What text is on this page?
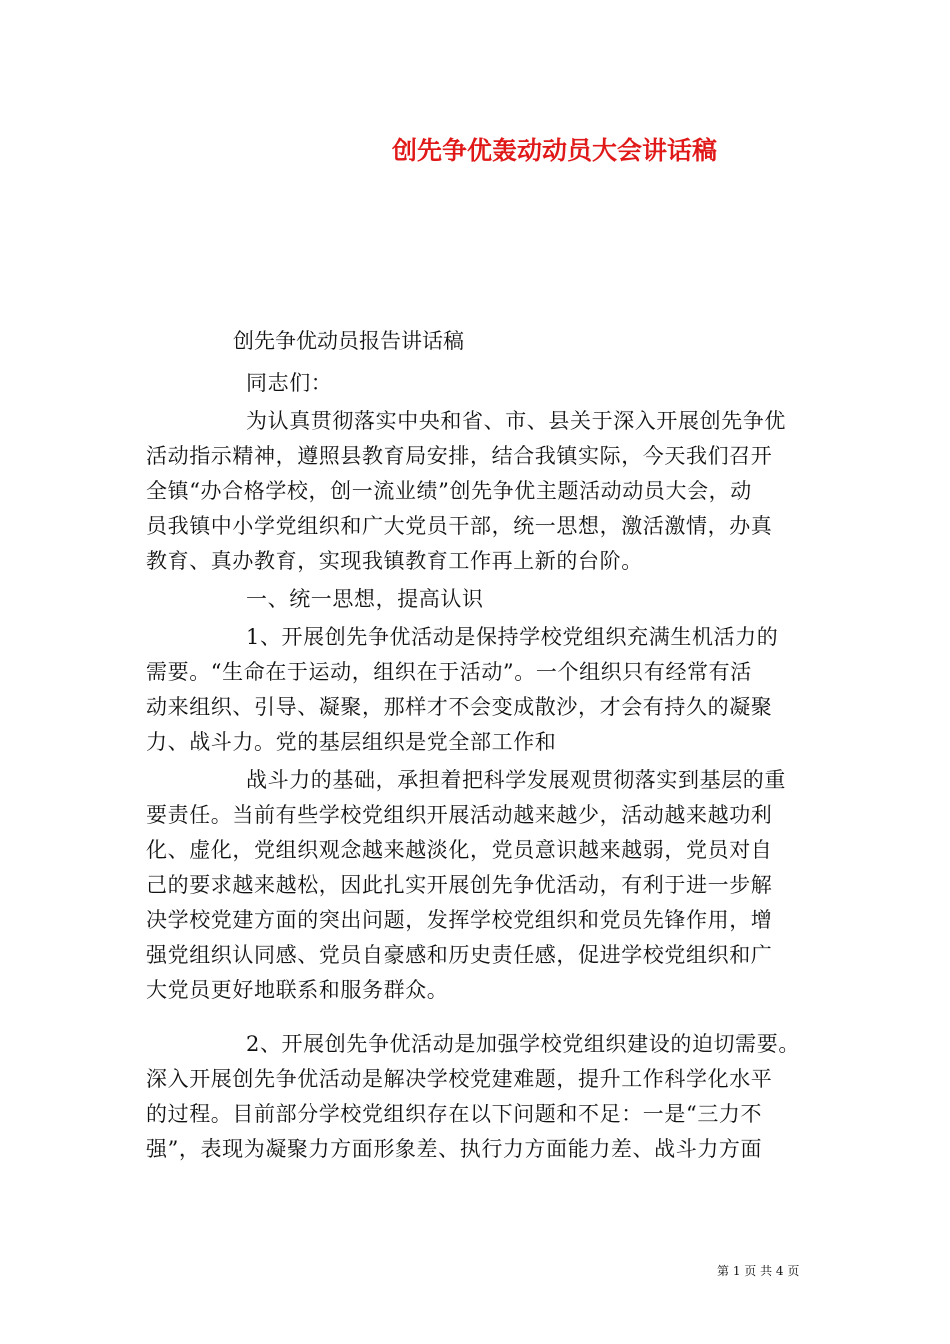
创先争优轰动动员大会讲话稿
创先争优动员报告讲话稿
同志们：
为认真贯彻落实中央和省、市、县关于深入开展创先争优
活动指示精神，遵照县教育局安排，结合我镇实际，今天我们召开
全镇“办合格学校，创一流业绩”创先争优主题活动动员大会，动
员我镇中小学党组织和广大党员干部，统一思想，激活激情，办真
教育、真办教育，实现我镇教育工作再上新的台阶。
一、统一思想，提高认识
1、开展创先争优活动是保持学校党组织充满生机活力的
需要。“生命在于运动，组织在于活动”。一个组织只有经常有活
动来组织、引导、凝聚，那样才不会变成散沙，才会有持久的凝聚
力、战斗力。党的基层组织是党全部工作和
战斗力的基础，承担着把科学发展观贯彻落实到基层的重
要责任。当前有些学校党组织开展活动越来越少，活动越来越功利
化、虚化，党组织观念越来越淡化，党员意识越来越弱，党员对自
己的要求越来越松，因此扎实开展创先争优活动，有利于进一步解
决学校党建方面的突出问题，发挥学校党组织和党员先锋作用，增
强党组织认同感、党员自豪感和历史责任感，促进学校党组织和广
大党员更好地联系和服务群众。
2、开展创先争优活动是加强学校党组织建设的迫切需要。
深入开展创先争优活动是解决学校党建难题，提升工作科学化水平
的过程。目前部分学校党组织存在以下问题和不足：一是“三力不
强”，表现为凝聚力方面形象差、执行力方面能力差、战斗力方面
第 1 页 共 4 页
